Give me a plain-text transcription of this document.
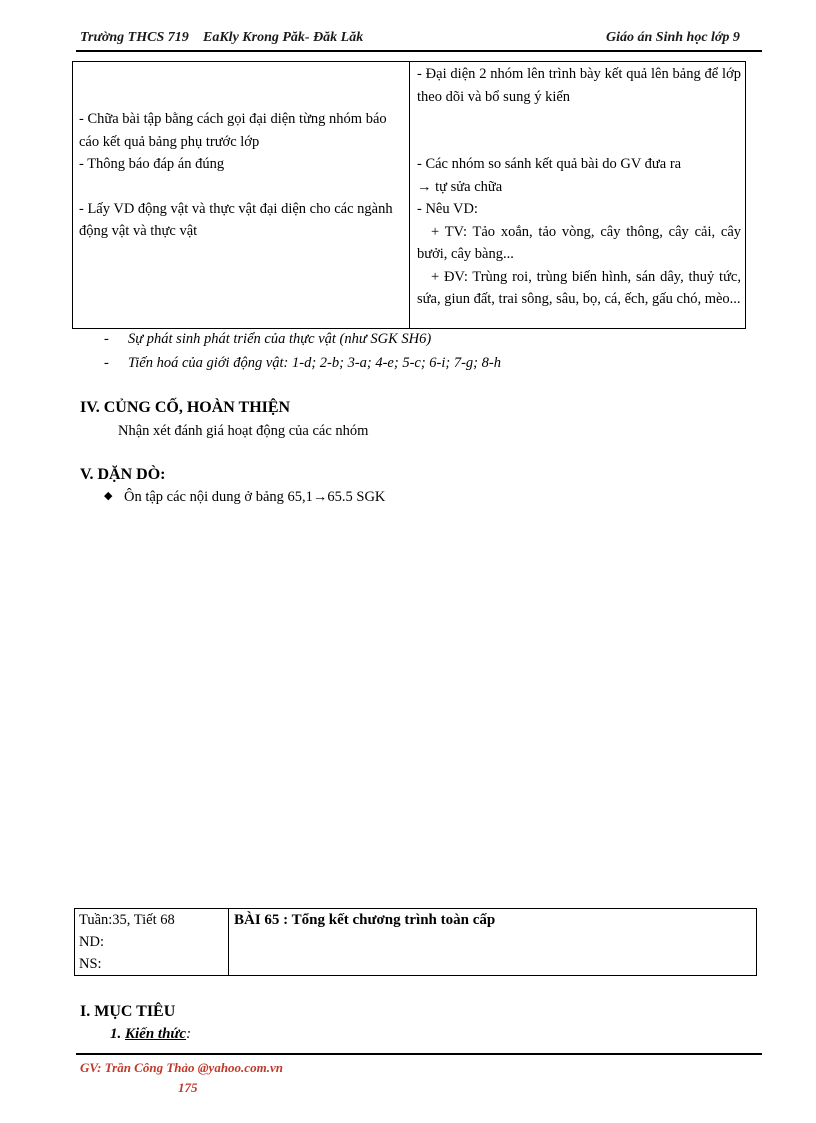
Trường THCS 719 EaKly Krong Păk- Đăk Lăk	Giáo án Sinh học lớp 9
- Chữa bài tập bằng cách gọi đại diện từng nhóm báo cáo kết quả bảng phụ trước lớp
- Thông báo đáp án đúng
- Lấy VD động vật và thực vật đại diện cho các ngành động vật và thực vật
- Đại diện 2 nhóm lên trình bày kết quả lên bảng để lớp theo dõi và bổ sung ý kiến
- Các nhóm so sánh kết quả bài do GV đưa ra
→ tự sửa chữa
- Nêu VD:
+ TV: Tảo xoắn, tảo vòng, cây thông, cây cải, cây bưởi, cây bàng...
+ ĐV: Trùng roi, trùng biến hình, sán dây, thuỷ tức, sứa, giun đất, trai sông, sâu, bọ, cá, ếch, gấu chó, mèo...
- Sự phát sinh phát triển của thực vật (như SGK SH6)
- Tiến hoá của giới động vật: 1-d; 2-b; 3-a; 4-e; 5-c; 6-i; 7-g; 8-h
IV. CỦNG CỐ, HOÀN THIỆN
Nhận xét đánh giá hoạt động của các nhóm
V. DẶN DÒ:
◆ Ôn tập các nội dung ở bảng 65,1→65.5 SGK
Tuần:35, Tiết 68
ND:
NS:
BÀI 65 : Tổng kết chương trình toàn cấp
I. MỤC TIÊU
1. Kiến thức:
GV: Trần Công Thảo @yahoo.com.vn
175
